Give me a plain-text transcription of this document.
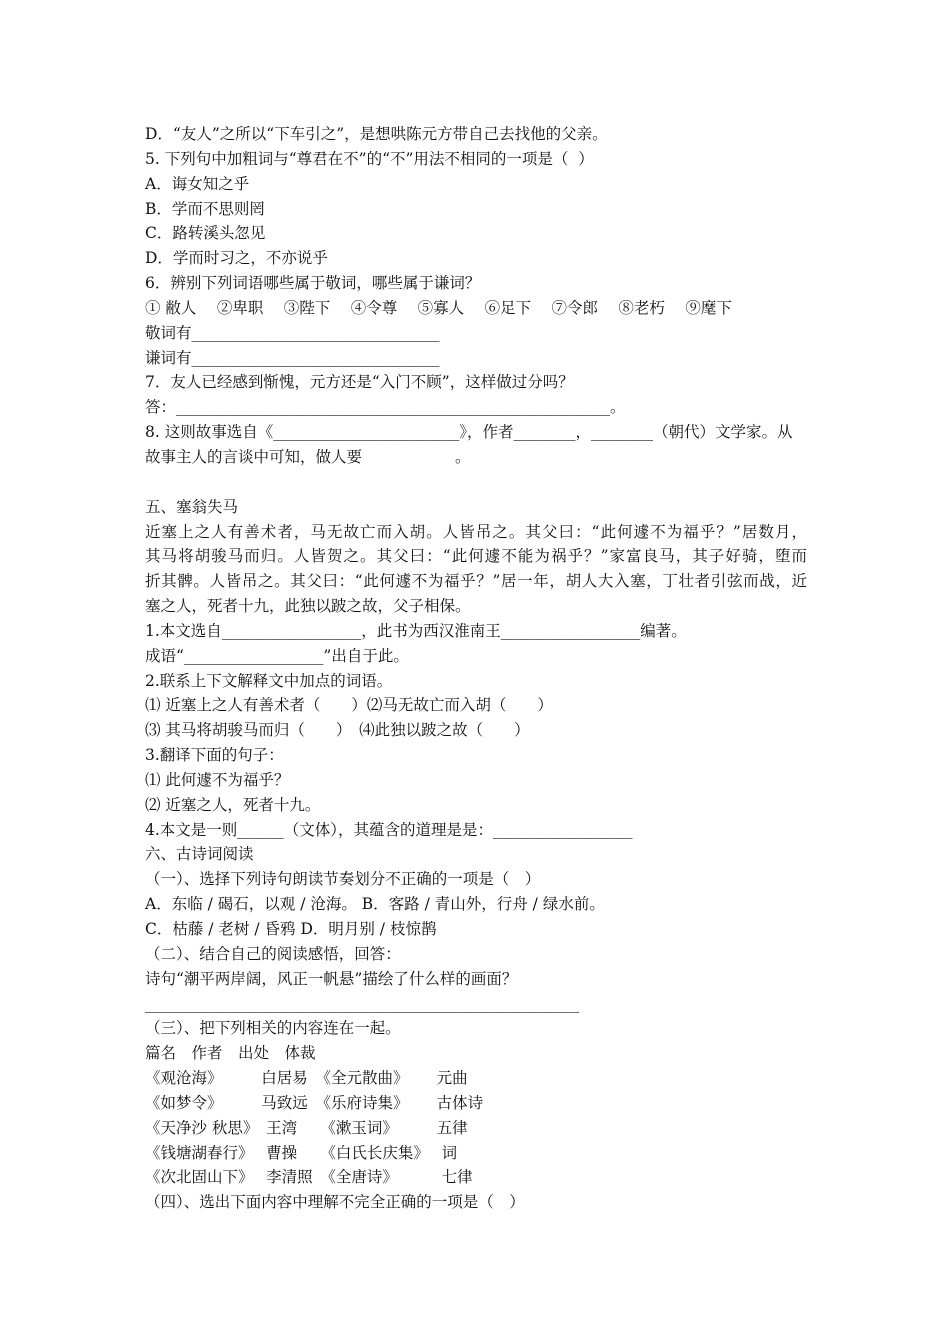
D．“友人”之所以“下车引之”，是想哄陈元方带自己去找他的父亲。
5. 下列句中加粗词与“尊君在不”的“不”用法不相同的一项是（  ）
A．诲女知之乎
B．学而不思则罔
C．路转溪头忽见
D．学而时习之，不亦说乎
6．辨别下列词语哪些属于敬词，哪些属于谦词？
① 敝人　 ②卑职　 ③陛下　 ④令尊　 ⑤寡人　 ⑥足下　 ⑦令郎　 ⑧老朽　 ⑨麾下
敬词有________________________________
谦词有________________________________
7．友人已经感到惭愧，元方还是“入门不顾”，这样做过分吗？
答：________________________________________________________。
8. 这则故事选自《________________________》，作者________，________（朝代）文学家。从
故事主人的言谈中可知，做人要　　　　　　。
五、塞翁失马
近塞上之人有善术者，马无故亡而入胡。人皆吊之。其父曰：“此何遽不为福乎？”居数月，
其马将胡骏马而归。人皆贺之。其父曰：“此何遽不能为祸乎？”家富良马，其子好骑，堕而
折其髀。人皆吊之。其父曰：“此何遽不为福乎？”居一年，胡人大入塞，丁壮者引弦而战，近
塞之人，死者十九，此独以跛之故，父子相保。
1.本文选自__________________，此书为西汉淮南王__________________编著。
成语“__________________”出自于此。
2.联系上下文解释文中加点的词语。
⑴ 近塞上之人有善术者（　　）⑵马无故亡而入胡（　　）
⑶ 其马将胡骏马而归（　　）　⑷此独以跛之故（　　）
3.翻译下面的句子：
⑴ 此何遽不为福乎？
⑵ 近塞之人，死者十九。
4.本文是一则______（文体），其蕴含的道理是是：__________________
六、古诗词阅读
（一）、选择下列诗句朗读节奏划分不正确的一项是（　）
A．东临 / 碣石，以观 / 沧海。 B．客路 / 青山外，行舟 / 绿水前。
C．枯藤 / 老树 / 昏鸦 D．明月别 / 枝惊鹊
（二）、结合自己的阅读感悟，回答：
诗句“潮平两岸阔，风正一帆悬”描绘了什么样的画面？
________________________________________________________
（三）、把下列相关的内容连在一起。
篇名　作者　出处　体裁
《观沧海》　　　白居易　《全元散曲》　　 元曲
《如梦令》　　　马致远　《乐府诗集》　　 古体诗
《天净沙 秋思》　王湾　　《漱玉词》　　　五律
《钱塘湖春行》　 曹操　　《白氏长庆集》　 词
《次北固山下》　 李清照　《全唐诗》　　　 七律
（四）、选出下面内容中理解不完全正确的一项是（　）
